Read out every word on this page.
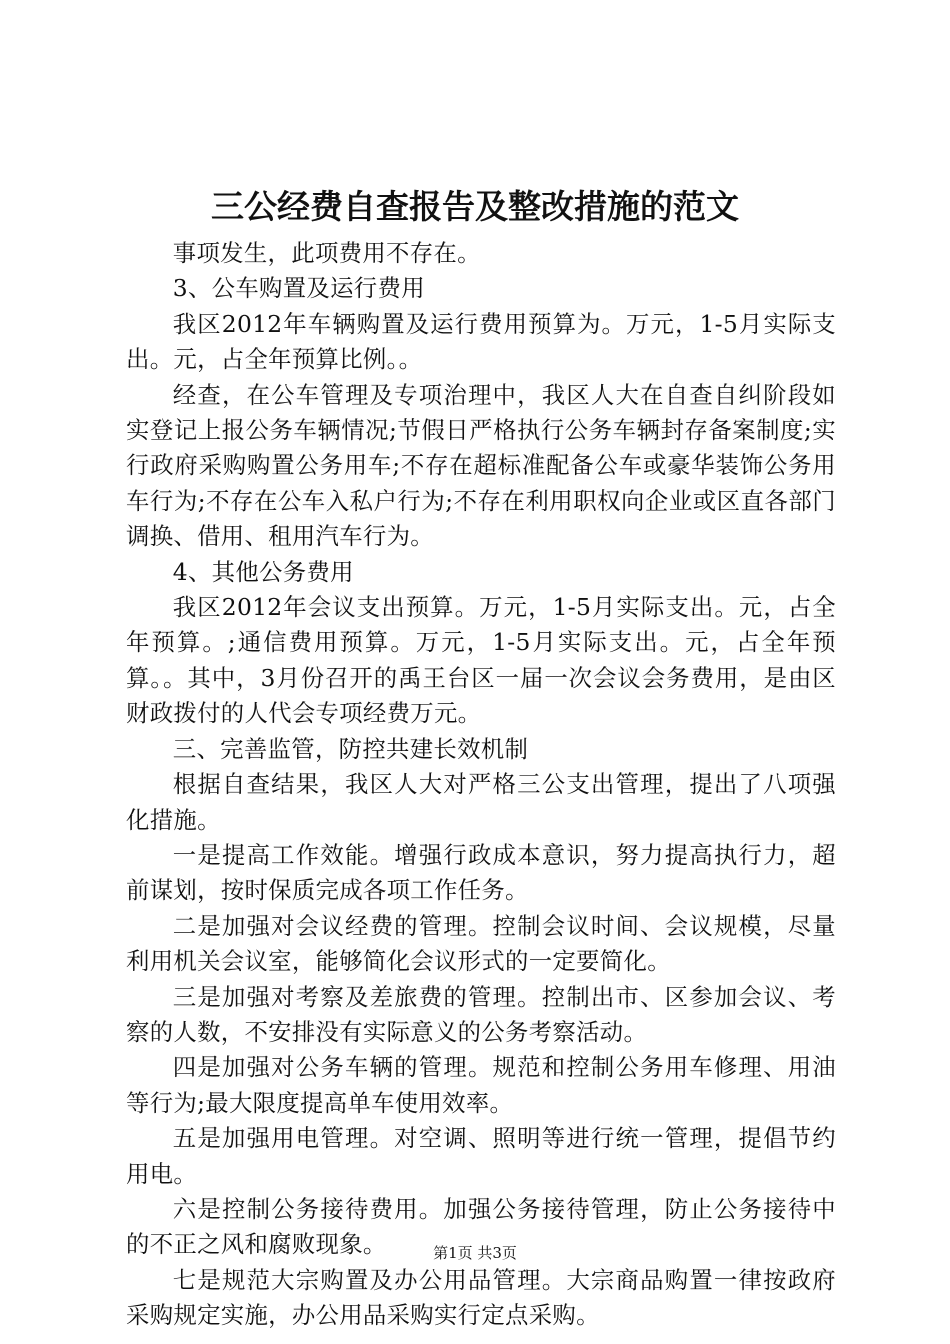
三公经费自查报告及整改措施的范文

事项发生，此项费用不存在。

3、公车购置及运行费用

我区2012年车辆购置及运行费用预算为。万元，1-5月实际支出。元，占全年预算比例。。

经查，在公车管理及专项治理中，我区人大在自查自纠阶段如实登记上报公务车辆情况;节假日严格执行公务车辆封存备案制度;实行政府采购购置公务用车;不存在超标准配备公车或豪华装饰公务用车行为;不存在公车入私户行为;不存在利用职权向企业或区直各部门调换、借用、租用汽车行为。

4、其他公务费用

我区2012年会议支出预算。万元，1-5月实际支出。元，占全年预算。;通信费用预算。万元，1-5月实际支出。元，占全年预算。。其中，3月份召开的禹王台区一届一次会议会务费用，是由区财政拨付的人代会专项经费万元。

三、完善监管，防控共建长效机制

根据自查结果，我区人大对严格三公支出管理，提出了八项强化措施。

一是提高工作效能。增强行政成本意识，努力提高执行力，超前谋划，按时保质完成各项工作任务。

二是加强对会议经费的管理。控制会议时间、会议规模，尽量利用机关会议室，能够简化会议形式的一定要简化。

三是加强对考察及差旅费的管理。控制出市、区参加会议、考察的人数，不安排没有实际意义的公务考察活动。

四是加强对公务车辆的管理。规范和控制公务用车修理、用油等行为;最大限度提高单车使用效率。

五是加强用电管理。对空调、照明等进行统一管理，提倡节约用电。

六是控制公务接待费用。加强公务接待管理，防止公务接待中的不正之风和腐败现象。

七是规范大宗购置及办公用品管理。大宗商品购置一律按政府采购规定实施，办公用品采购实行定点采购。

第1页 共3页
